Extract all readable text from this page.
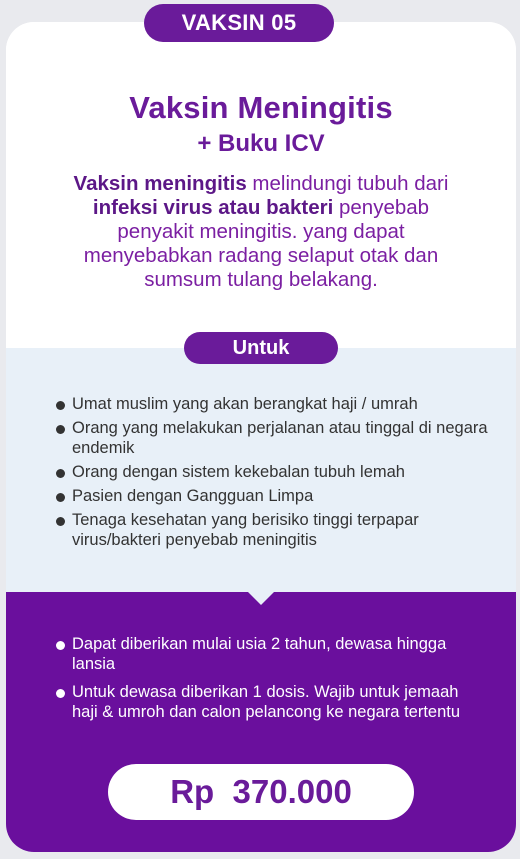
VAKSIN 05
Vaksin Meningitis
+ Buku ICV
Vaksin meningitis melindungi tubuh dari infeksi virus atau bakteri penyebab penyakit meningitis. yang dapat menyebabkan radang selaput otak dan sumsum tulang belakang.
Untuk
Umat muslim yang akan berangkat haji / umrah
Orang yang melakukan perjalanan atau tinggal di negara endemik
Orang dengan sistem kekebalan tubuh lemah
Pasien dengan Gangguan Limpa
Tenaga kesehatan yang berisiko tinggi terpapar virus/bakteri penyebab meningitis
Dapat diberikan mulai usia 2 tahun, dewasa hingga lansia
Untuk dewasa diberikan 1 dosis. Wajib untuk jemaah haji & umroh dan calon pelancong ke negara tertentu
Rp  370.000
